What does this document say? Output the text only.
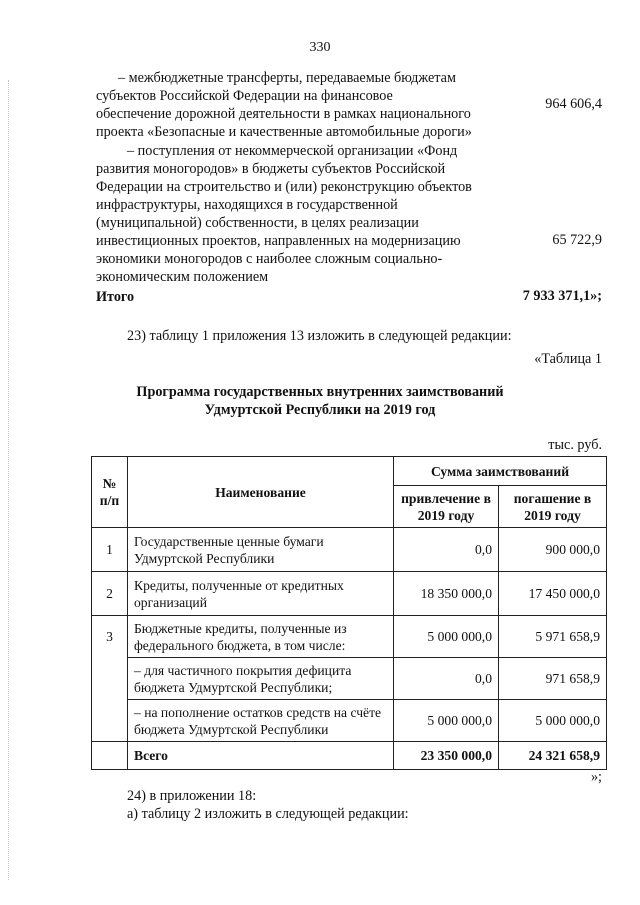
330
– межбюджетные трансферты, передаваемые бюджетам
субъектов Российской Федерации на финансовое
обеспечение дорожной деятельности в рамках национального
проекта «Безопасные и качественные автомобильные дороги»
964 606,4
– поступления от некоммерческой организации «Фонд
развития моногородов» в бюджеты субъектов Российской
Федерации на строительство и (или) реконструкцию объектов
инфраструктуры, находящихся в государственной
(муниципальной) собственности, в целях реализации
инвестиционных проектов, направленных на модернизацию
экономики моногородов с наиболее сложным социально-
экономическим положением
65 722,9
Итого	7 933 371,1»;
23) таблицу 1 приложения 13 изложить в следующей редакции:
«Таблица 1
Программа государственных внутренних заимствований
Удмуртской Республики на 2019 год
тыс. руб.
№ п/п	Наименование	Сумма заимствований	
		привлечение в 2019 году	погашение в 2019 году
1	Государственные ценные бумаги Удмуртской Республики	0,0	900 000,0
2	Кредиты, полученные от кредитных организаций	18 350 000,0	17 450 000,0
3	Бюджетные кредиты, полученные из федерального бюджета, в том числе:	5 000 000,0	5 971 658,9
	– для частичного покрытия дефицита бюджета Удмуртской Республики;	0,0	971 658,9
	– на пополнение остатков средств на счёте бюджета Удмуртской Республики	5 000 000,0	5 000 000,0
	Всего	23 350 000,0	24 321 658,9
»;
24) в приложении 18:
а) таблицу 2 изложить в следующей редакции:
